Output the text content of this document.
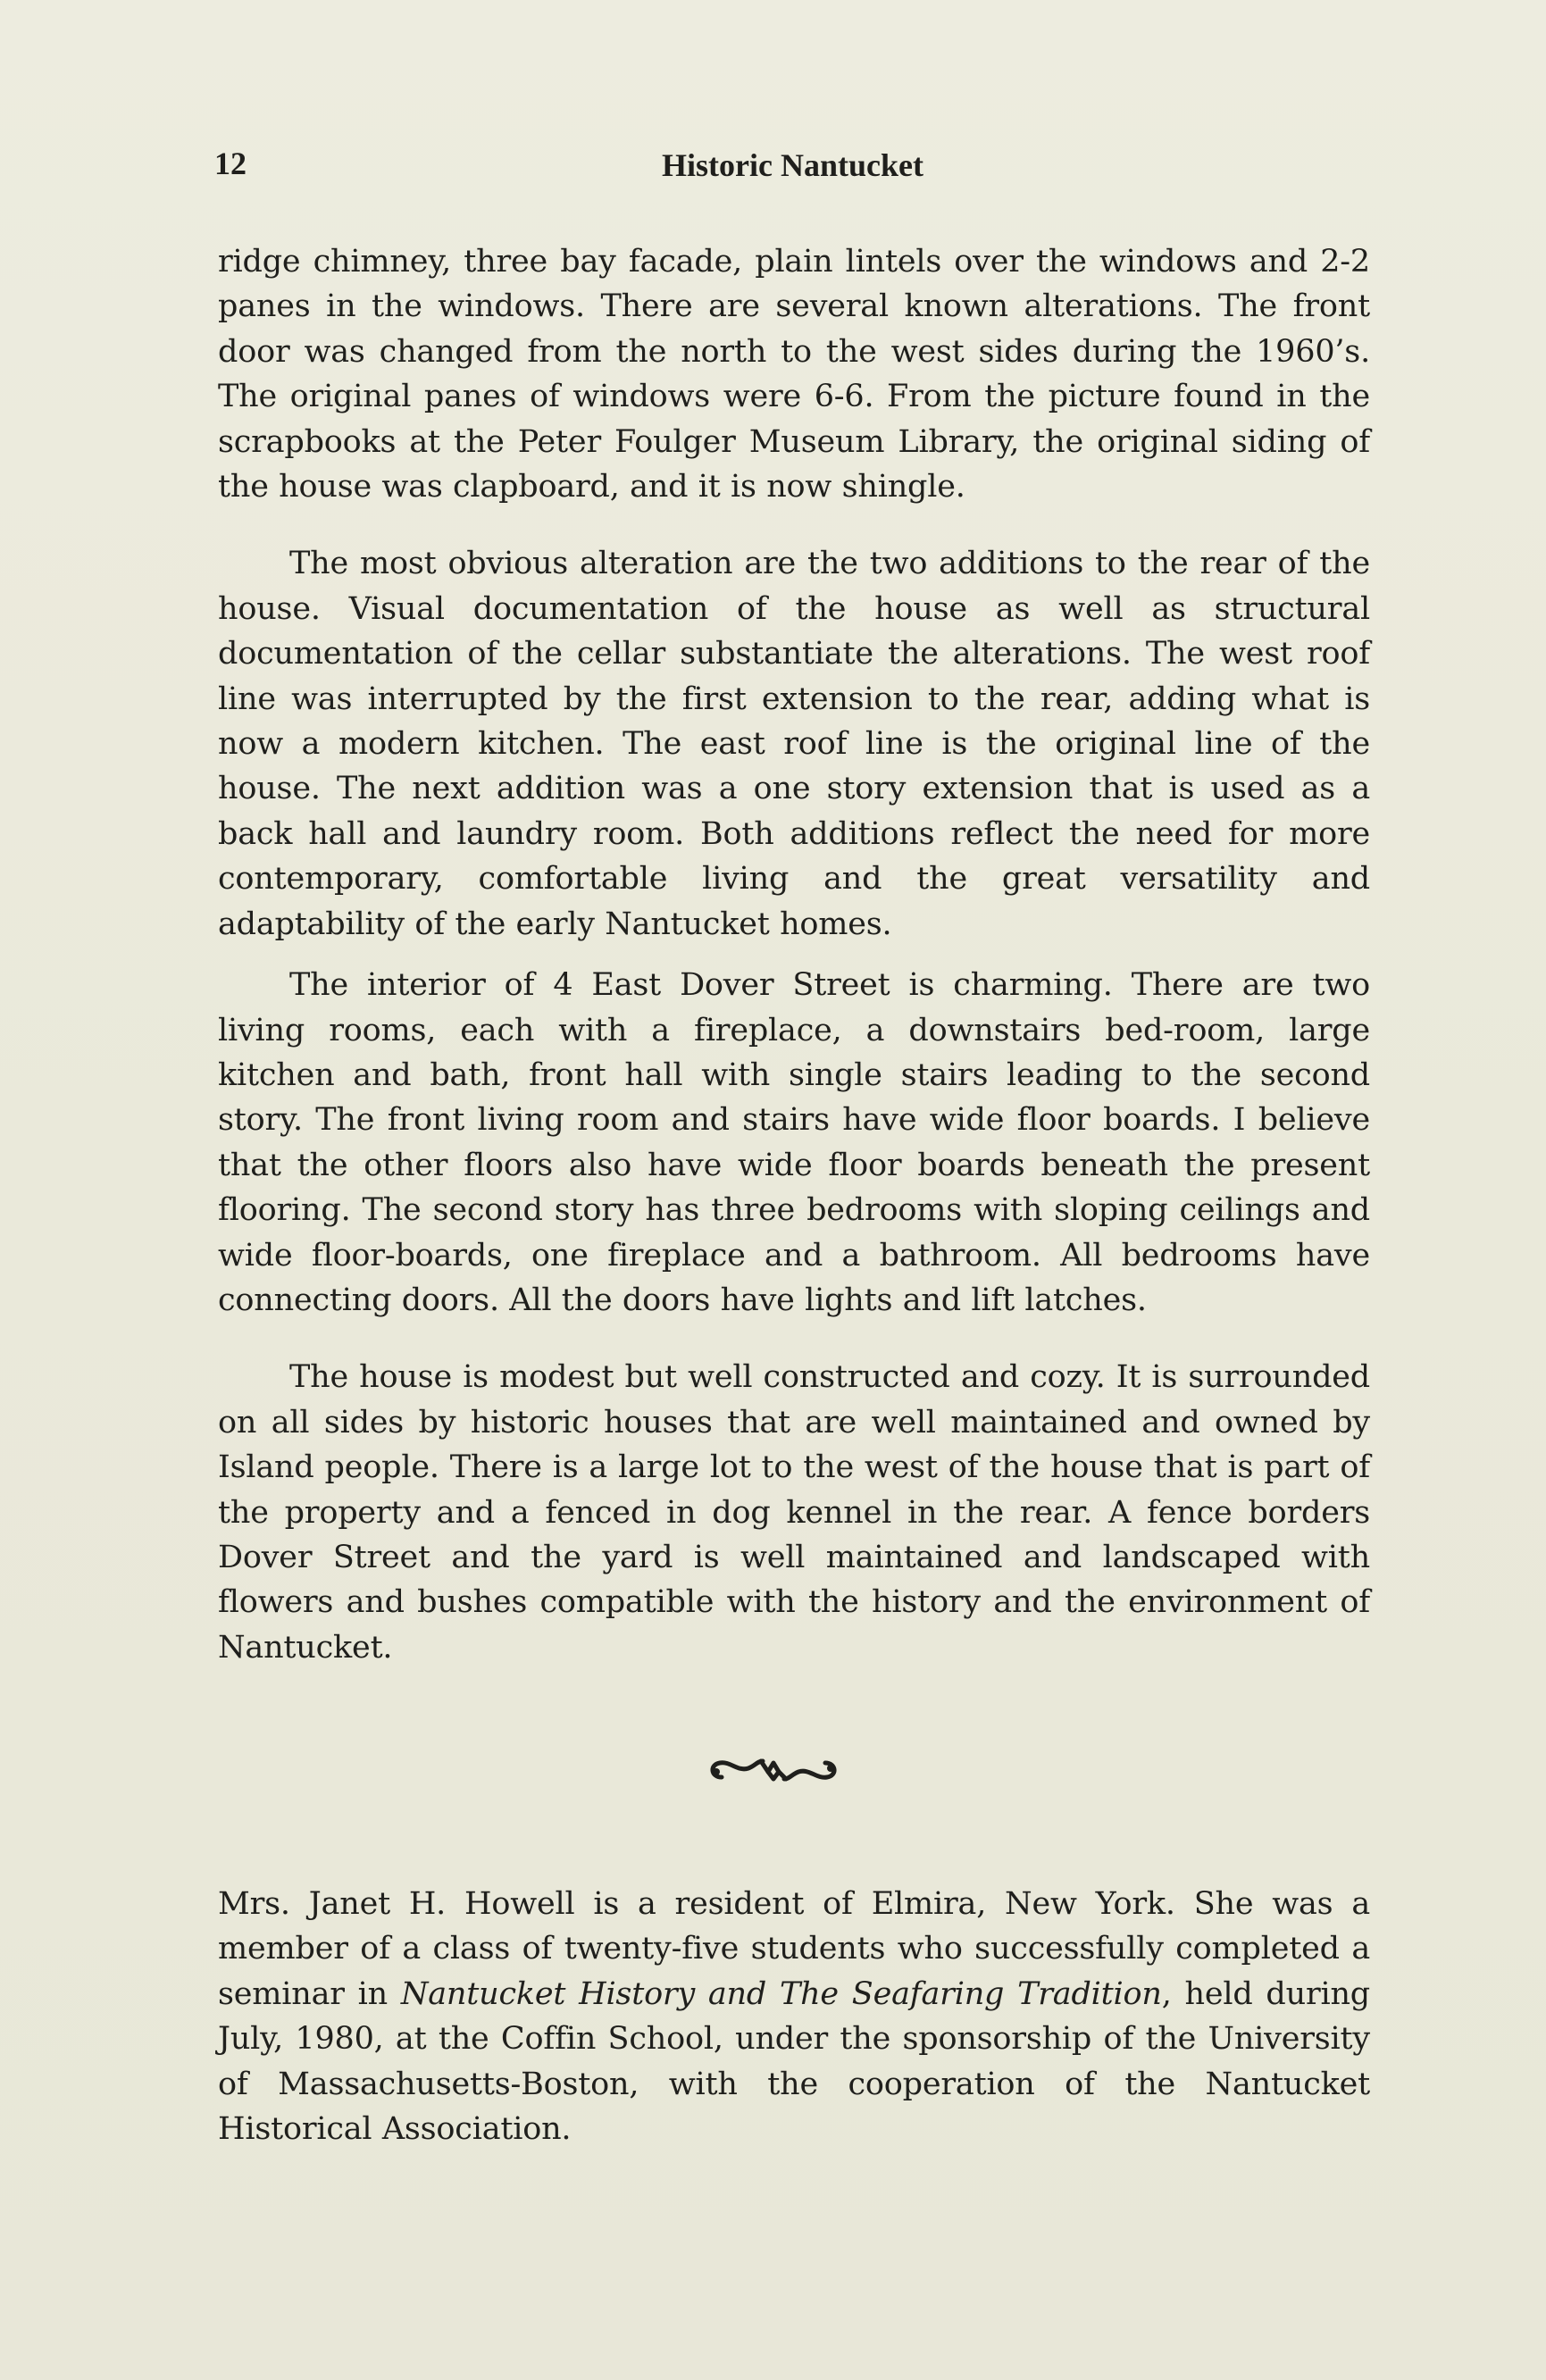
12	Historic Nantucket

ridge chimney, three bay facade, plain lintels over the windows and 2-2 panes in the windows. There are several known alterations. The front door was changed from the north to the west sides during the 1960’s. The original panes of windows were 6-6. From the picture found in the scrapbooks at the Peter Foulger Museum Library, the original siding of the house was clapboard, and it is now shingle.

The most obvious alteration are the two additions to the rear of the house. Visual documentation of the house as well as structural documentation of the cellar substantiate the alterations. The west roof line was interrupted by the first extension to the rear, adding what is now a modern kitchen. The east roof line is the original line of the house. The next addition was a one story extension that is used as a back hall and laundry room. Both additions reflect the need for more contemporary, comfortable living and the great versatility and adaptability of the early Nantucket homes.

The interior of 4 East Dover Street is charming. There are two living rooms, each with a fireplace, a downstairs bed-room, large kitchen and bath, front hall with single stairs leading to the second story. The front living room and stairs have wide floor boards. I believe that the other floors also have wide floor boards beneath the present flooring. The second story has three bedrooms with sloping ceilings and wide floor-boards, one fireplace and a bathroom. All bedrooms have connecting doors. All the doors have lights and lift latches.

The house is modest but well constructed and cozy. It is surrounded on all sides by historic houses that are well maintained and owned by Island people. There is a large lot to the west of the house that is part of the property and a fenced in dog kennel in the rear. A fence borders Dover Street and the yard is well maintained and landscaped with flowers and bushes compatible with the history and the environment of Nantucket.

Mrs. Janet H. Howell is a resident of Elmira, New York. She was a member of a class of twenty-five students who successfully completed a seminar in Nantucket History and The Seafaring Tradition, held during July, 1980, at the Coffin School, under the sponsorship of the University of Massachusetts-Boston, with the cooperation of the Nantucket Historical Association.
